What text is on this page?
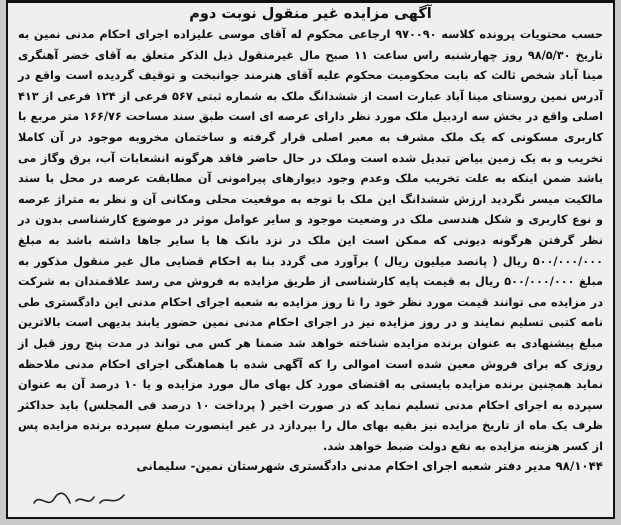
آگهی مزایده غیر منقول نوبت دوم

حسب محتویات پرونده کلاسه ۹۷۰۰۹۰ ارجاعی محکوم له آقای موسی علیزاده اجرای احکام مدنی نمین به تاریخ ۹۸/۵/۳۰ روز چهارشنبه راس ساعت ۱۱ صبح مال غیرمنقول ذیل الذکر متعلق به آقای خضر آهنگری مینا آباد شخص ثالث که بابت محکومیت محکوم علیه آقای هنرمند جوانبخت و توقیف گردیده است واقع در آدرس نمین روستای مینا آباد عبارت است از ششدانگ ملک به شماره ثبتی ۵۶۷ فرعی از ۱۲۴ فرعی از ۴۱۳ اصلی واقع در بخش سه اردبیل ملک مورد نظر دارای عرصه ای است طبق سند مساحت ۱۶۶/۷۶ متر مربع با کاربری مسکونی که یک ملک مشرف به معبر اصلی قرار گرفته و ساختمان مخروبه موجود در آن کاملا تخریب و به یک زمین بیاض تبدیل شده است وملک در حال حاضر فاقد هرگونه انشعابات آب، برق وگاز می باشد ضمن اینکه به علت تخریب ملک وعدم وجود دیوارهای پیرامونی آن مطابقت عرصه در محل با سند مالکیت میسر نگردید ارزش ششدانگ این ملک با توجه به موقعیت محلی ومکانی آن و نظر به متراژ عرصه و نوع کاربری و شکل هندسی ملک در وضعیت موجود و سایر عوامل موثر در موضوع کارشناسی بدون در نظر گرفتن هرگونه دیونی که ممکن است این ملک در نزد بانک ها یا سایر جاها داشته باشد به مبلغ ۵۰۰/۰۰۰/۰۰۰ ریال ( پانصد میلیون ریال ) برآورد می گردد بنا به احکام قضایی مال غیر منقول مذکور به مبلغ ۵۰۰/۰۰۰/۰۰۰ ریال به قیمت پایه کارشناسی از طریق مزایده به فروش می رسد علاقمندان به شرکت در مزایده می توانند قیمت مورد نظر خود را تا روز مزایده به شعبه اجرای احکام مدنی این دادگستری طی نامه کتبی تسلیم نمایند و در روز مزایده نیز در اجرای احکام مدنی نمین حضور یابند بدیهی است بالاترین مبلغ پیشنهادی به عنوان برنده مزایده شناخته خواهد شد ضمنا هر کس می تواند در مدت پنج روز قبل از روزی که برای فروش معین شده است اموالی را که آگهی شده با هماهنگی اجرای احکام مدنی ملاحظه نماید همچنین برنده مزایده بایستی به اقتضای مورد کل بهای مال مورد مزایده و یا ۱۰ درصد آن به عنوان سپرده به اجرای احکام مدنی تسلیم نماید که در صورت اخیر ( پرداخت ۱۰ درصد فی المجلس) باید حداکثر ظرف یک ماه از تاریخ مزایده نیز بقیه بهای مال را بپردازد در غیر اینصورت مبلغ سپرده برنده مزایده پس از کسر هزینه مزایده به نفع دولت ضبط خواهد شد.

۹۸/۱۰۴۴ مدیر دفتر شعبه اجرای احکام مدنی دادگستری شهرستان نمین- سلیمانی
